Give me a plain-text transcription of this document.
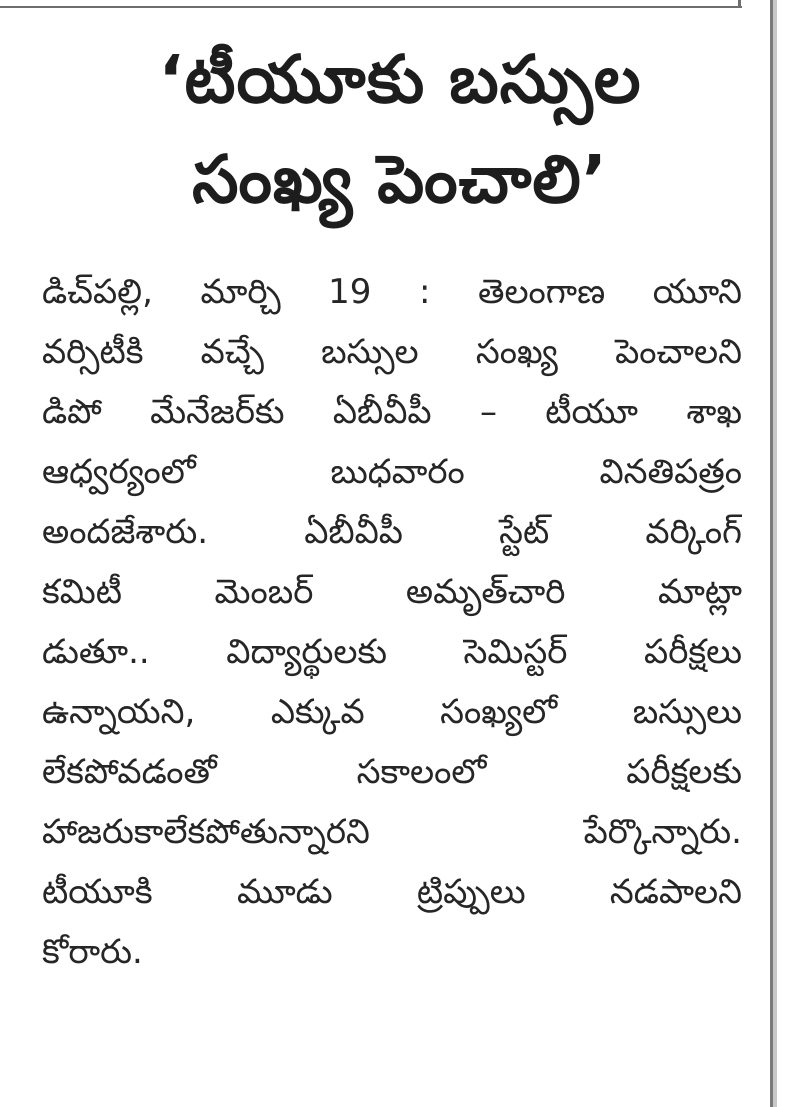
‘టీయూకు బస్సుల
సంఖ్య పెంచాలి’
డిచ్‌పల్లి, మార్చి 19 : తెలంగాణ యూని
వర్సిటీకి వచ్చే బస్సుల సంఖ్య పెంచాలని
డిపో మేనేజర్‌కు ఏబీవీపీ – టీయూ శాఖ
ఆధ్వర్యంలో బుధవారం వినతిపత్రం
అందజేశారు. ఏబీవీపీ స్టేట్ వర్కింగ్
కమిటీ మెంబర్ అమృత్‌చారి మాట్లా
డుతూ.. విద్యార్థులకు సెమిస్టర్ పరీక్షలు
ఉన్నాయని, ఎక్కువ సంఖ్యలో బస్సులు
లేకపోవడంతో సకాలంలో పరీక్షలకు
హాజరుకాలేకపోతున్నారని పేర్కొన్నారు.
టీయూకి మూడు ట్రిప్పులు నడపాలని
కోరారు.
